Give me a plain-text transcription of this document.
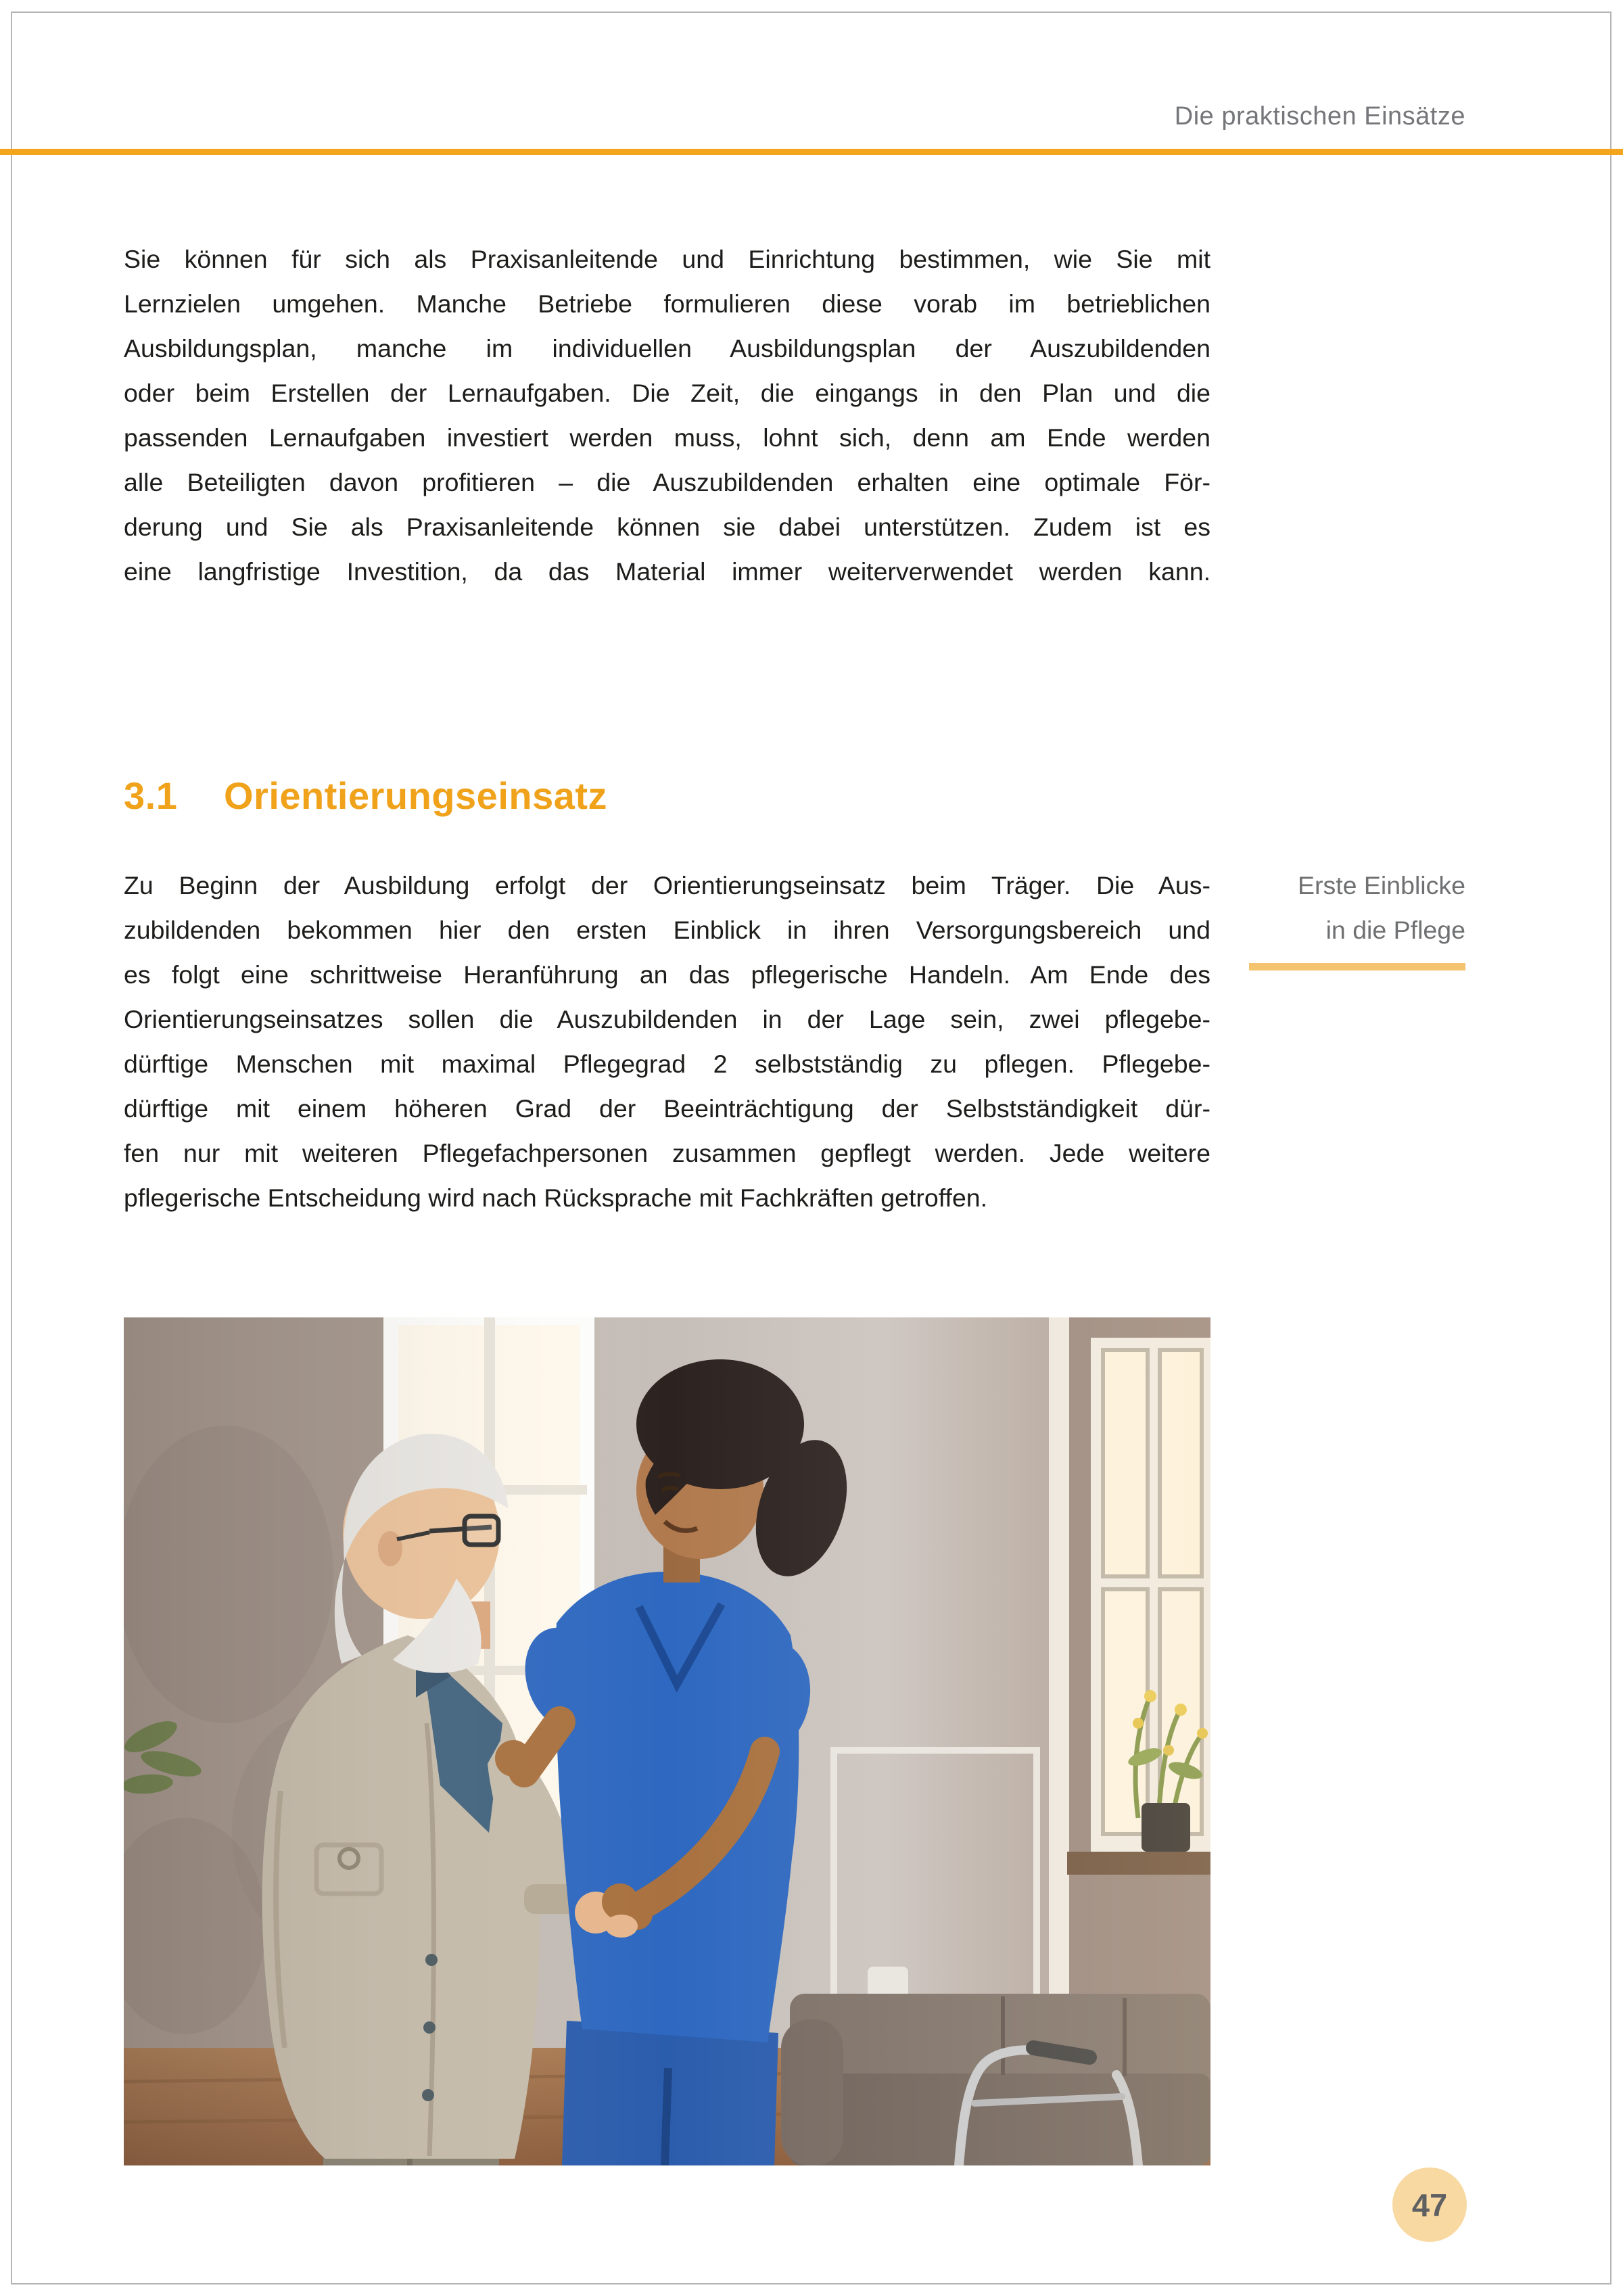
Die praktischen Einsätze
Sie können für sich als Praxisanleitende und Einrichtung bestimmen, wie Sie mit
Lernzielen umgehen. Manche Betriebe formulieren diese vorab im betrieblichen
Ausbildungsplan, manche im individuellen Ausbildungsplan der Auszubildenden
oder beim Erstellen der Lernaufgaben. Die Zeit, die eingangs in den Plan und die
passenden Lernaufgaben investiert werden muss, lohnt sich, denn am Ende werden
alle Beteiligten davon profitieren – die Auszubildenden erhalten eine optimale För-
derung und Sie als Praxisanleitende können sie dabei unterstützen. Zudem ist es
eine langfristige Investition, da das Material immer weiterverwendet werden kann.
3.1	Orientierungseinsatz
Zu Beginn der Ausbildung erfolgt der Orientierungseinsatz beim Träger. Die Aus-
zubildenden bekommen hier den ersten Einblick in ihren Versorgungsbereich und
es folgt eine schrittweise Heranführung an das pflegerische Handeln. Am Ende des
Orientierungseinsatzes sollen die Auszubildenden in der Lage sein, zwei pflegebe-
dürftige Menschen mit maximal Pflegegrad 2 selbstständig zu pflegen. Pflegebe-
dürftige mit einem höheren Grad der Beeinträchtigung der Selbstständigkeit dür-
fen nur mit weiteren Pflegefachpersonen zusammen gepflegt werden. Jede weitere
pflegerische Entscheidung wird nach Rücksprache mit Fachkräften getroffen.
Erste Einblicke
in die Pflege
47
